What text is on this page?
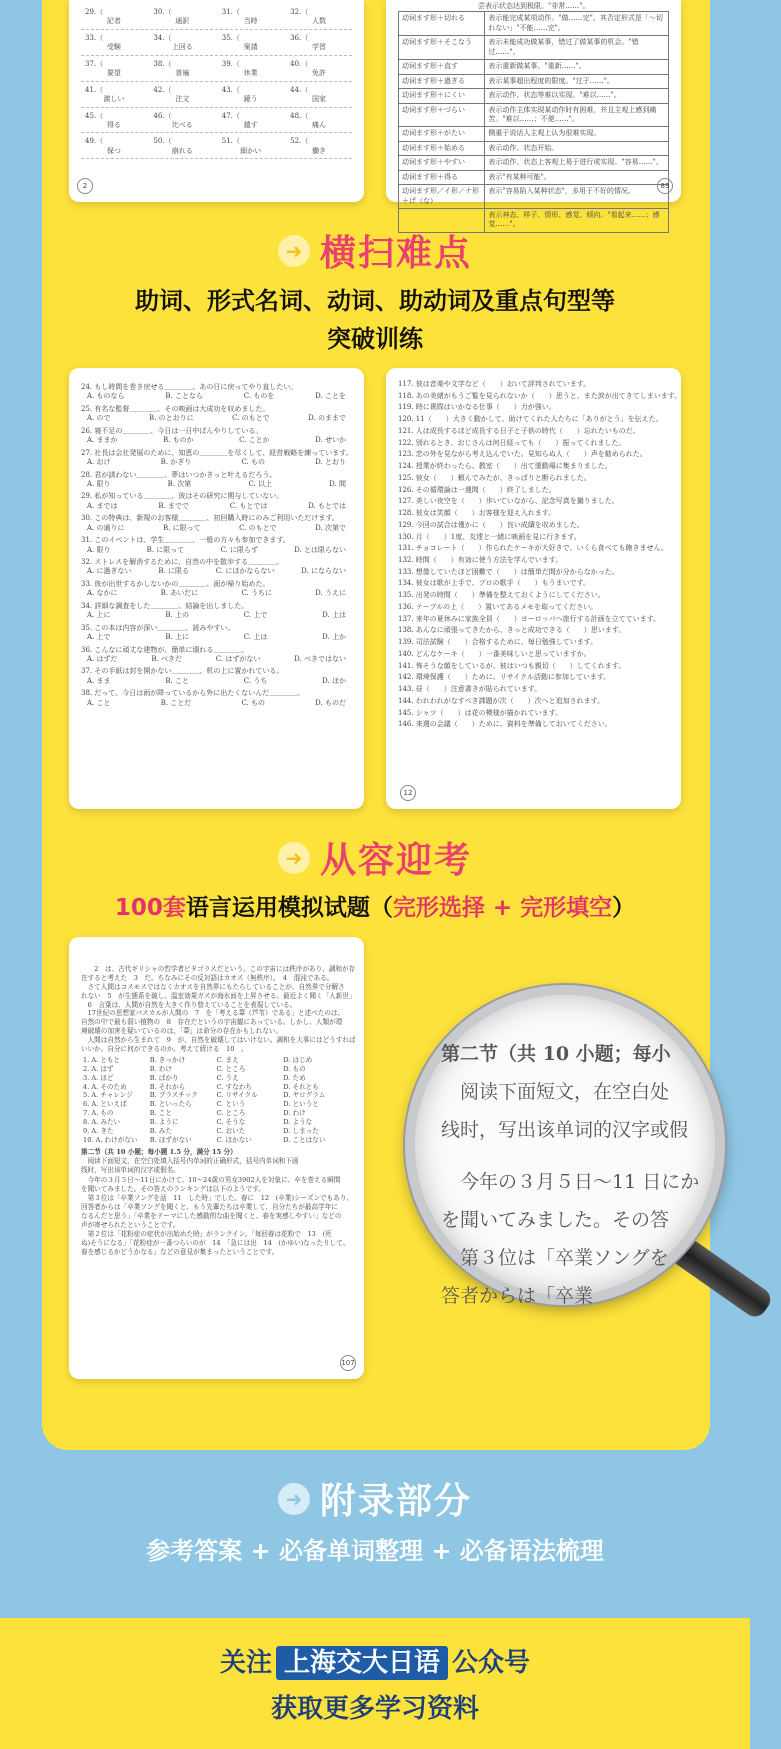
29.（	30.（	31.（	32.（
記者	通訳	当時	人数
33.（	34.（	35.（	36.（
受験	上回る	案請	学習
37.（	38.（	39.（	40.（
要望	普遍	休業	免許
41.（	42.（	43.（	44.（
激しい	注文	鏡う	国家
45.（	46.（	47.（	48.（
得る	比べる	越す	痛ん
49.（	50.（	51.（	52.（
保つ	崩れる	細かい	働き
2
尝表示状态达到极限。"非常……"。
动词ます形＋切れる	表示能完成某项动作。"做……完"。其否定形式是「～切れない」"不能……完"。
动词ます形＋そこなう	表示未能成功做某事，错过了做某事的机会。"错过……"。
动词ます形＋直す	表示重新做某事。"重新……"。
动词ます形＋過ぎる	表示某事超出程度的限度。"过于……"。
动词ます形＋にくい	表示动作、状态等难以实现。"难以……"。
动词ます形＋づらい	表示动作主体实现某动作时有困难，并且主观上感到痛苦。"难以……；不便……"。
动词ます形＋がたい	侧重于说话人主观上认为很难实现。
动词ます形＋始める	表示动作、状态开始。
动词ます形＋やすい	表示动作、状态上客观上易于进行或实现。"容易……"。
动词ます形＋得る	表示"有某种可能"。
动词ます形／イ形／ナ形＋げ（な）	表示"容易陷入某种状态"，多用于不好的情况。
	表示神态、样子、情形、感觉、倾向。"看起来……；感觉……"。
89
➜ 横扫难点
助词、形式名词、动词、助动词及重点句型等
突破训练
24. もし時間を巻き戻せる＿＿＿＿、あの日に戻ってやり直したい。
A. ものなら	B. ことなら	C. ものを	D. ことを
25. 有名な監督＿＿＿＿、その映画は大成功を収めました。
A. ので	B. のとおりに	C. のもとで	D. のままで
26. 寝不足の＿＿＿＿、今日は一日中ぼんやりしている。
A. ままか	B. ものか	C. ことか	D. せいか
27. 社長は会社発展のために、知恵の＿＿＿＿を尽くして、経営戦略を練っています。
A. おけ	B. かぎり	C. もの	D. とおり
28. 君が誘わない＿＿＿＿、夢はいつかきっと叶えるだろう。
A. 限り	B. 次第	C. 以上	D. 間
29. 私が知っている＿＿＿＿、彼はその研究に関与していない。
A. までは	B. までで	C. もとでは	D. もとでは
30. この特典は、新規のお客様＿＿＿＿、初回購入時にのみご利用いただけます。
A. の通りに	B. に限って	C. のもとで	D. 次第で
31. このイベントは、学生＿＿＿＿、一般の方々も参加できます。
A. 限り	B. に限って	C. に限らず	D. とは限らない
32. ストレスを解消するために、自然の中を散歩する＿＿＿＿。
A. に過ぎない	B. に限る	C. にほかならない	D. にならない
33. 彼が出世するかしないかの＿＿＿＿、面が帰り始めた。
A. なかに	B. あいだに	C. うちに	D. うえに
34. 詳細な調査をした＿＿＿＿、結論を出しました。
A. 上に	B. 上の	C. 上で	D. 上は
35. この本は内容が深い＿＿＿＿、読みやすい。
A. 上で	B. 上に	C. 上は	D. 上か
36. こんなに頑丈な建物が、簡単に壊れる＿＿＿＿。
A. はずだ	B. べきだ	C. はずがない	D. べきではない
37. その手紙は封を開かない＿＿＿＿、机の上に置かれている。
A. まま	B. こと	C. うち	D. ほか
38. だって、今日は雨が降っているから外に出たくないんだ＿＿＿＿。
A. こと	B. ことだ	C. もの	D. ものだ
117. 彼は音楽や文学など（　　）おいて評判されています。
118. あの美緒がもうご覧を見られないか（　　）思うと、また涙が出てきてしまいます。
119. 時に貴際はいかなる仕事（　　）力が強い。
120. 11（　　）大きく動かして、助けてくれた人たちに「ありがとう」を伝えた。
121. 人は成長するほど成長する日子と子供の時代（　　）忘れたいものだ。
122. 別れるとき、おじさんは何日経っても（　　）振ってくれました。
123. 恋の外を見ながら考え込んでいた。見知らぬ人（　　）声を勧められた。
124. 授業が終わったら、教室（　　）出て運動場に集まりました。
125. 彼女（　　）頼んでみたが、きっぱりと断られました。
126. その循環論は一週間（　　）終了しました。
127. 美しい夜空を（　　）歩いていながら、記念写真を撮りました。
128. 彼女は笑顔（　　）お客様を迎え入れます。
129. 今回の試合は僅かに（　　）良い成績を収めました。
130. 月（　　）1度、友達と一緒に映画を見に行きます。
131. チョコレート（　　）作られたケーキが大好きで、いくら食べても飽きません。
132. 時間（　　）有効に使う方法を学んでいます。
133. 想像していたほど困難で（　　）は簡単だ間が分からなかった。
134. 彼女は歌が上手で、プロの歌手（　　）もうまいです。
135. 出発の時間（　　）準備を整えておくようにしてください。
136. テーブルの上（　　）置いてあるメモを取ってください。
137. 来年の夏休みに家族全員（　　）ヨーロッパへ旅行する計画を立てています。
138. あんなに頑張ってきたから、きっと成功できる（　　）思います。
139. 司法試験（　　）合格するために、毎日勉強しています。
140. どんなケーキ（　　）一番美味しいと思っていますか。
141. 怖そうな顔をしているが、彼はいつも親切（　　）してくれます。
142. 環境保護（　　）ために、リサイクル活動に参加しています。
143. 昼（　　）注意書きが貼られています。
144. われわれがなすべき課題が次（　　）次へと追加されます。
145. シャツ（　　）は花の模様が描かれています。
146. 来週の会議（　　）ために、資料を準備しておいてください。
12
➜ 从容迎考
100套语言运用模拟试题（完形选择 + 完形填空）
　　2　は、古代ギリシャの哲学者ピタゴラスだという。この宇宙には秩序があり、調和が存
在すると考えた　3　だ。ちなみにその反対語はカオス（無秩序）。　4　混沌である。
　さて人間はコスモスではなくカオスを自然界にもたらしていることが、自然界で分解さ
れない　5　が生態系を破し、温室効果ガスが海水面を上昇させる。最近よく聞く「人新世」
　6　言葉は、人間が自然を大きく作り替えていることを表現している。
　17世紀の思想家パスカルが人間の　7　を「考える葦（芦苇）である」と述べたのは、
自然の中で最も弱い植物の　8　存在だというの宇宙観にあっている。しかし、人類が環
境破壊の加害を疑いているのは、「葦」は命分の存在かもしれない。
　人間は自然から生まれて　9　が、自然を破壊してはいけない。調和を大事にはどうすれば
いいか。自分に何ができるのか。考えて続ける　10　。
1. A. ともと	B. きっかけ	C. まえ	D. はじめ
2. A. はず	B. わけ	C. ところ	D. もの
3. A. ほど	B. ばかり	C. うえ	D. ため
4. A. そのため	B. それから	C. すなわち	D. それとも
5. A. チャレンジ	B. プラスチック	C. リサイクル	D. ヤログラム
6. A. といえば	B. といったら	C. という	D. というと
7. A. もの	B. こと	C. ところ	D. わけ
8. A. みたい	B. ように	C. そうな	D. ような
9. A. きた	B. みた	C. おいた	D. しまった
10. A. わけがない	B. ほずがない	C. ほかない	D. ことはない
第二节（共 10 小题；每小题 1.5 分，满分 15 分）
　阅读下面短文，在空白处填入括号内单词的正确形式，括号内单词和下画
线时，写出该单词的汉字或假名。
　今年の３月５日～11日にかけて、10～24歳の男女3902人を対象に、卒を巻える瞬間
を聞いてみました。その答えのランキングは以下のようです。
　第３位は「卒業ソングを話　11　した時」でした。春に　12　(卒業)シーズンでもあり、
回答者からは「卒業ソングを聞くと、もう先輩たちは卒業して、自分たちが最高学年に
なるんだと思う」「卒業をテーマにした感動的な曲を聞くと、春を実感しやすい」などの
声が寄せられたということです。
　第２位は「花粉症の症状が出始めた時」がランクイン。「毎回春は花粉で　13　(死
ぬ)そうになる」「花粉症が一番つらいのが　14　「急には出　14　(かゆい)なったりして、
春を感じるかどうかなる」などの意見が集まったということです。
107
第二节（共 10 小题；每小
　阅读下面短文，在空白处
线时，写出该单词的汉字或假
　今年の３月５日～11 日にか
を聞いてみました。その答
　第３位は「卒業ソングを
答者からは「卒業
➜ 附录部分
参考答案 + 必备单词整理 + 必备语法梳理
关注 上海交大日语 公众号
获取更多学习资料
